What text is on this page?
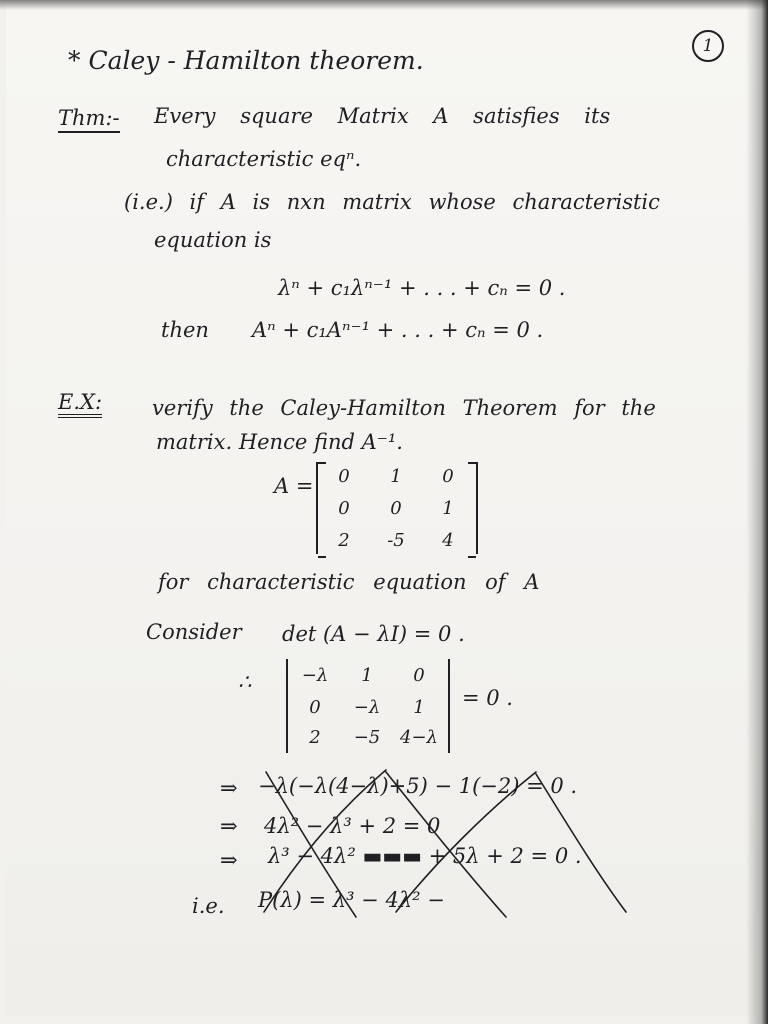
1
* Caley - Hamilton theorem.
Thm:- Every square Matrix A satisfies its
characteristic eqⁿ.
(i.e.) if A is nxn matrix whose characteristic
equation is
λⁿ + c₁λⁿ⁻¹ + . . . + cₙ = 0 .
then Aⁿ + c₁Aⁿ⁻¹ + . . . + cₙ = 0 .
E.X: verify the Caley-Hamilton Theorem for the
matrix. Hence find A⁻¹.
A =	0	1	0
0	0	1
2	-5	4
for characteristic equation of A
Consider det (A − λI) = 0 .
∴	−λ	1	0
0	−λ	1
2	−5	4−λ
= 0 .
⇒ −λ(−λ(4−λ)+5) − 1(−2) = 0 .
⇒ 4λ² − λ³ + 2 = 0
⇒ λ³ − 4λ² ▬▬▬ + 5λ + 2 = 0 .
i.e. P(λ) = λ³ − 4λ² −
